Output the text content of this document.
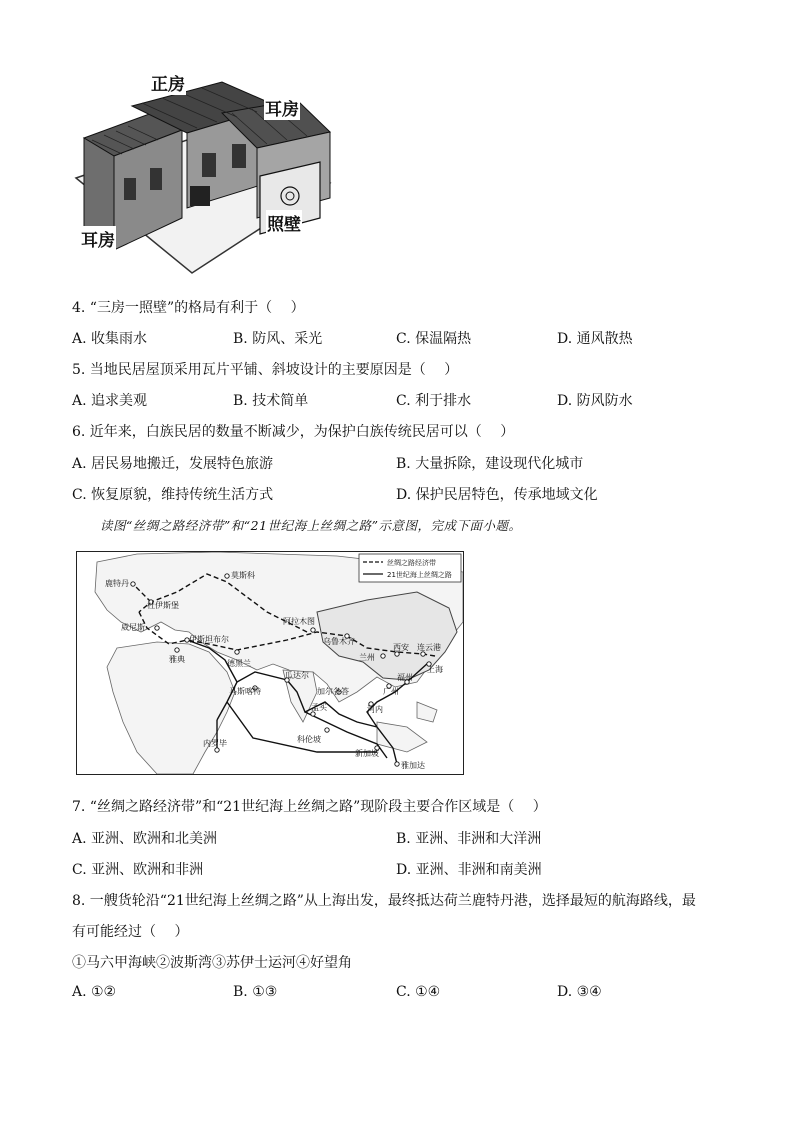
正房
耳房
耳房
照壁
4. “三房一照壁”的格局有利于（　 ）
A. 收集雨水	B. 防风、采光	C. 保温隔热	D. 通风散热
5. 当地民居屋顶采用瓦片平铺、斜坡设计的主要原因是（　 ）
A. 追求美观	B. 技术简单	C. 利于排水	D. 防风防水
6. 近年来，白族民居的数量不断减少，为保护白族传统民居可以（　 ）
A. 居民易地搬迁，发展特色旅游	B. 大量拆除，建设现代化城市
C. 恢复原貌，维持传统生活方式	D. 保护民居特色，传承地域文化
读图“丝绸之路经济带”和“21世纪海上丝绸之路”示意图，完成下面小题。
丝绸之路经济带
21世纪海上丝绸之路
莫斯科
鹿特丹
杜伊斯堡
威尼斯
伊斯坦布尔
雅典	德黑兰
阿拉木图
乌鲁木齐
兰州
西安 连云港
上海
福州
广州
河内
瓜达尔
加尔各答
马斯喀特
孟买
科伦坡
内罗毕
新加坡
雅加达
7. “丝绸之路经济带”和“21世纪海上丝绸之路”现阶段主要合作区域是（　 ）
A. 亚洲、欧洲和北美洲	B. 亚洲、非洲和大洋洲
C. 亚洲、欧洲和非洲	D. 亚洲、非洲和南美洲
8. 一艘货轮沿“21世纪海上丝绸之路”从上海出发，最终抵达荷兰鹿特丹港，选择最短的航海路线，最
有可能经过（　 ）
①马六甲海峡②波斯湾③苏伊士运河④好望角
A. ①②	B. ①③	C. ①④	D. ③④
